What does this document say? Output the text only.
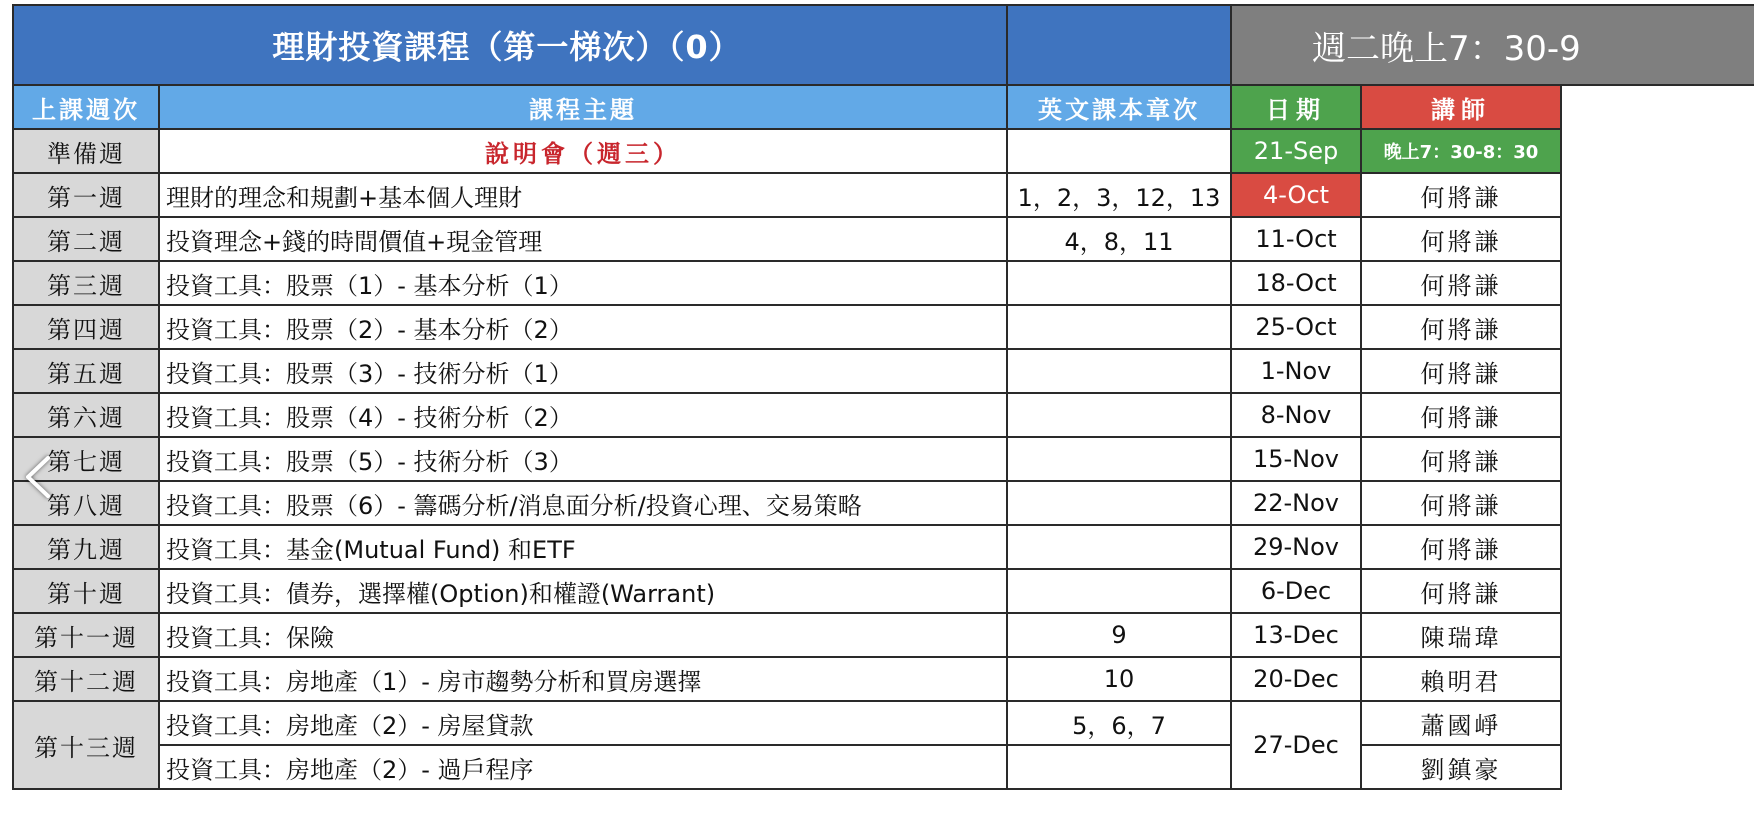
理財投資課程（第一梯次）（0）			週二晚上7：30-9		
上課週次	課程主題	英文課本章次	日期	講師	
準備週	說明會（週三）		21-Sep	晚上7：30-8：30	
第一週	理財的理念和規劃+基本個人理財	1，2，3，12，13	4-Oct	何將謙	
第二週	投資理念+錢的時間價值+現金管理	4，8，11	11-Oct	何將謙	
第三週	投資工具：股票（1）- 基本分析（1）		18-Oct	何將謙	
第四週	投資工具：股票（2）- 基本分析（2）		25-Oct	何將謙	
第五週	投資工具：股票（3）- 技術分析（1）		1-Nov	何將謙	
第六週	投資工具：股票（4）- 技術分析（2）		8-Nov	何將謙	
第七週	投資工具：股票（5）- 技術分析（3）		15-Nov	何將謙	
第八週	投資工具：股票（6）- 籌碼分析/消息面分析/投資心理、交易策略		22-Nov	何將謙	
第九週	投資工具：基金(Mutual Fund) 和ETF		29-Nov	何將謙	
第十週	投資工具：債券，選擇權(Option)和權證(Warrant)		6-Dec	何將謙	
第十一週	投資工具：保險	9	13-Dec	陳瑞瑋	
第十二週	投資工具：房地產（1）- 房市趨勢分析和買房選擇	10	20-Dec	賴明君	
第十三週	投資工具：房地產（2）- 房屋貸款	5，6，7	27-Dec	蕭國崢	
	投資工具：房地產（2）- 過戶程序			劉鎮豪	
